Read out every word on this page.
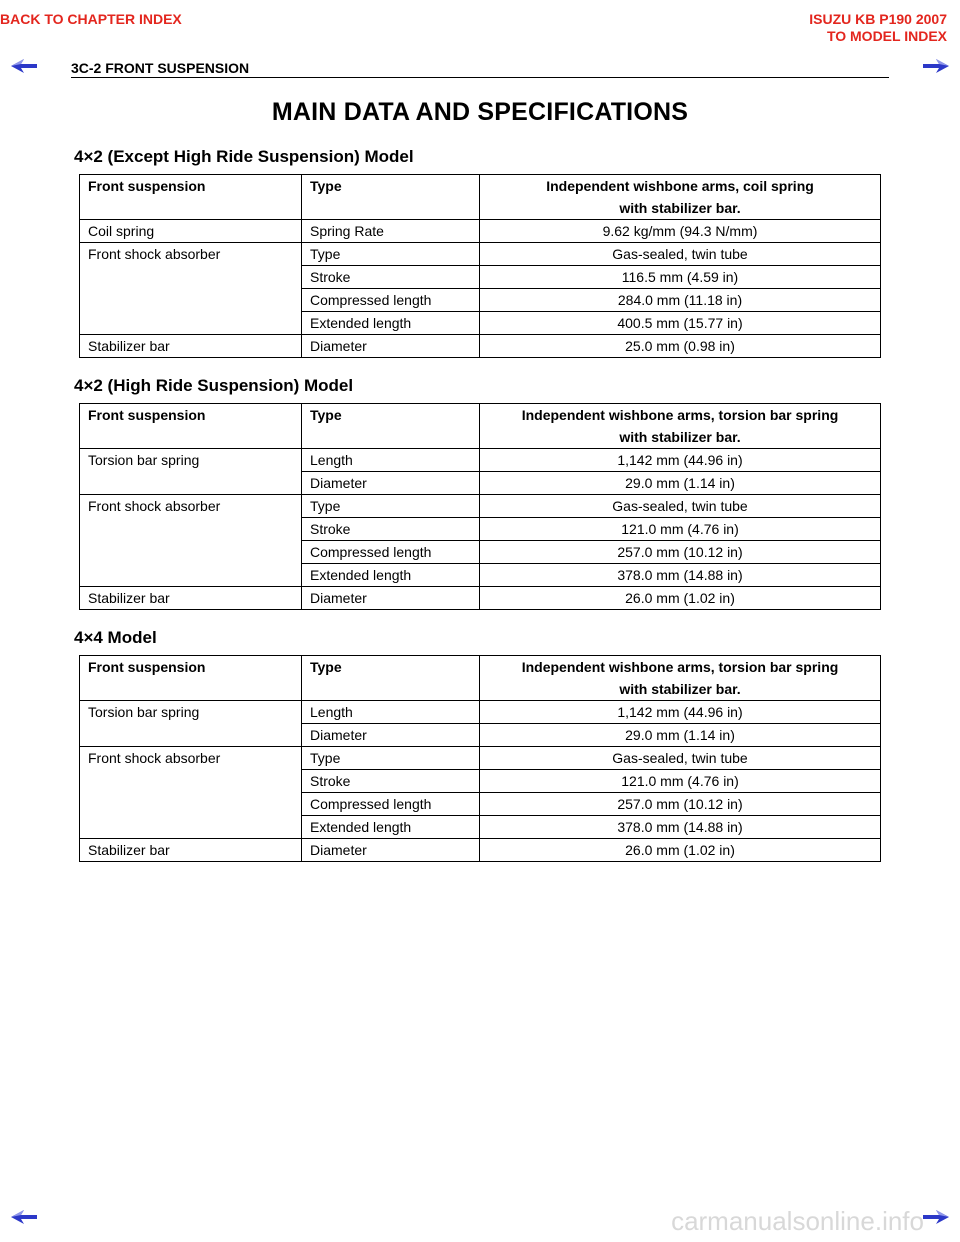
BACK TO CHAPTER INDEX	ISUZU KB P190 2007
TO MODEL INDEX
3C-2 FRONT SUSPENSION
MAIN DATA AND SPECIFICATIONS
4×2 (Except High Ride Suspension) Model
Front suspension	Type	Independent wishbone arms, coil spring
with stabilizer bar.

Coil spring	Spring Rate	9.62 kg/mm (94.3 N/mm)
Front shock absorber	Type	Gas-sealed, twin tube
	Stroke	116.5 mm (4.59 in)
	Compressed length	284.0 mm (11.18 in)
	Extended length	400.5 mm (15.77 in)
Stabilizer bar	Diameter	25.0 mm (0.98 in)
4×2 (High Ride Suspension) Model
Front suspension	Type	Independent wishbone arms, torsion bar spring
with stabilizer bar.

Torsion bar spring	Length	1,142 mm (44.96 in)
	Diameter	29.0 mm (1.14 in)
Front shock absorber	Type	Gas-sealed, twin tube
	Stroke	121.0 mm (4.76 in)
	Compressed length	257.0 mm (10.12 in)
	Extended length	378.0 mm (14.88 in)
Stabilizer bar	Diameter	26.0 mm (1.02 in)
4×4 Model
Front suspension	Type	Independent wishbone arms, torsion bar spring
with stabilizer bar.

Torsion bar spring	Length	1,142 mm (44.96 in)
	Diameter	29.0 mm (1.14 in)
Front shock absorber	Type	Gas-sealed, twin tube
	Stroke	121.0 mm (4.76 in)
	Compressed length	257.0 mm (10.12 in)
	Extended length	378.0 mm (14.88 in)
Stabilizer bar	Diameter	26.0 mm (1.02 in)
carmanualsonline.info
